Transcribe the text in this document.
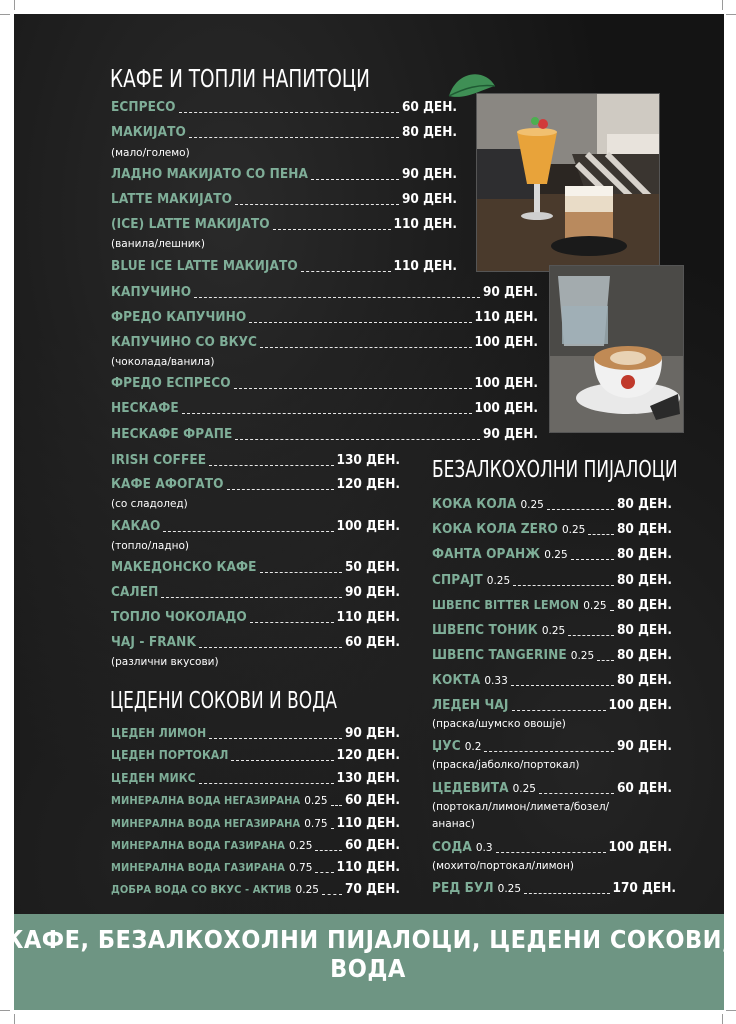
КАФЕ, БЕЗАЛКОХОЛНИ ПИЈАЛОЦИ, ЦЕДЕНИ СОКОВИ, ВОДА
КАФЕ И ТОПЛИ НАПИТОЦИ
БЕЗАЛКОХОЛНИ ПИЈАЛОЦИ
ЦЕДЕНИ СОКОВИ И ВОДА
ЕСПРЕСО	60 ДЕН.
МАКИЈАТО	80 ДЕН.
(мало/големо)
ЛАДНО МАКИЈАТО СО ПЕНА	90 ДЕН.
LATTE МАКИЈАТО	90 ДЕН.
(ICE) LATTE МАКИЈАТО	110 ДЕН.
(ванила/лешник)
BLUE ICE LATTE МАКИЈАТО	110 ДЕН.
КАПУЧИНО	90 ДЕН.
ФРЕДО КАПУЧИНО	110 ДЕН.
КАПУЧИНО СО ВКУС	100 ДЕН.
(чоколада/ванила)
ФРЕДО ЕСПРЕСО	100 ДЕН.
НЕСКАФЕ	100 ДЕН.
НЕСКАФЕ ФРАПЕ	90 ДЕН.
IRISH COFFEE	130 ДЕН.
КАФЕ АФОГАТО	120 ДЕН.
(со сладолед)
КАКАО	100 ДЕН.
(топло/ладно)
МАКЕДОНСКО КАФЕ	50 ДЕН.
САЛЕП	90 ДЕН.
ТОПЛО ЧОКОЛАДО	110 ДЕН.
ЧАЈ - FRANK	60 ДЕН.
(различни вкусови)
ЦЕДЕН ЛИМОН	90 ДЕН.
ЦЕДЕН ПОРТОКАЛ	120 ДЕН.
ЦЕДЕН МИКС	130 ДЕН.
МИНЕРАЛНА ВОДА НЕГАЗИРАНА 0.25 60 ДЕН.
МИНЕРАЛНА ВОДА НЕГАЗИРАНА 0.75 110 ДЕН.
МИНЕРАЛНА ВОДА ГАЗИРАНА 0.25 60 ДЕН.
МИНЕРАЛНА ВОДА ГАЗИРАНА 0.75 110 ДЕН.
ДОБРА ВОДА СО ВКУС - АКТИВ 0.25 70 ДЕН.
КОКА КОЛА 0.25	80 ДЕН.
КОКА КОЛА ZERO 0.25 80 ДЕН.
ФАНТА ОРАНЖ 0.25	80 ДЕН.
СПРАЈТ 0.25	80 ДЕН.
ШВЕПС BITTER LEMON 0.25 80 ДЕН.
ШВЕПС ТОНИК 0.25	80 ДЕН.
ШВЕПС TANGERINE 0.25 80 ДЕН.
КОКТА 0.33	80 ДЕН.
ЛЕДЕН ЧАЈ	100 ДЕН.
(праска/шумско овошје)
ЏУС 0.2	90 ДЕН.
(праска/јаболко/портокал)
ЦЕДЕВИТА 0.25	60 ДЕН.
(портокал/лимон/лимета/бозел/
ананас)
СОДА 0.3	100 ДЕН.
(мохито/портокал/лимон)
РЕД БУЛ 0.25	170 ДЕН.
